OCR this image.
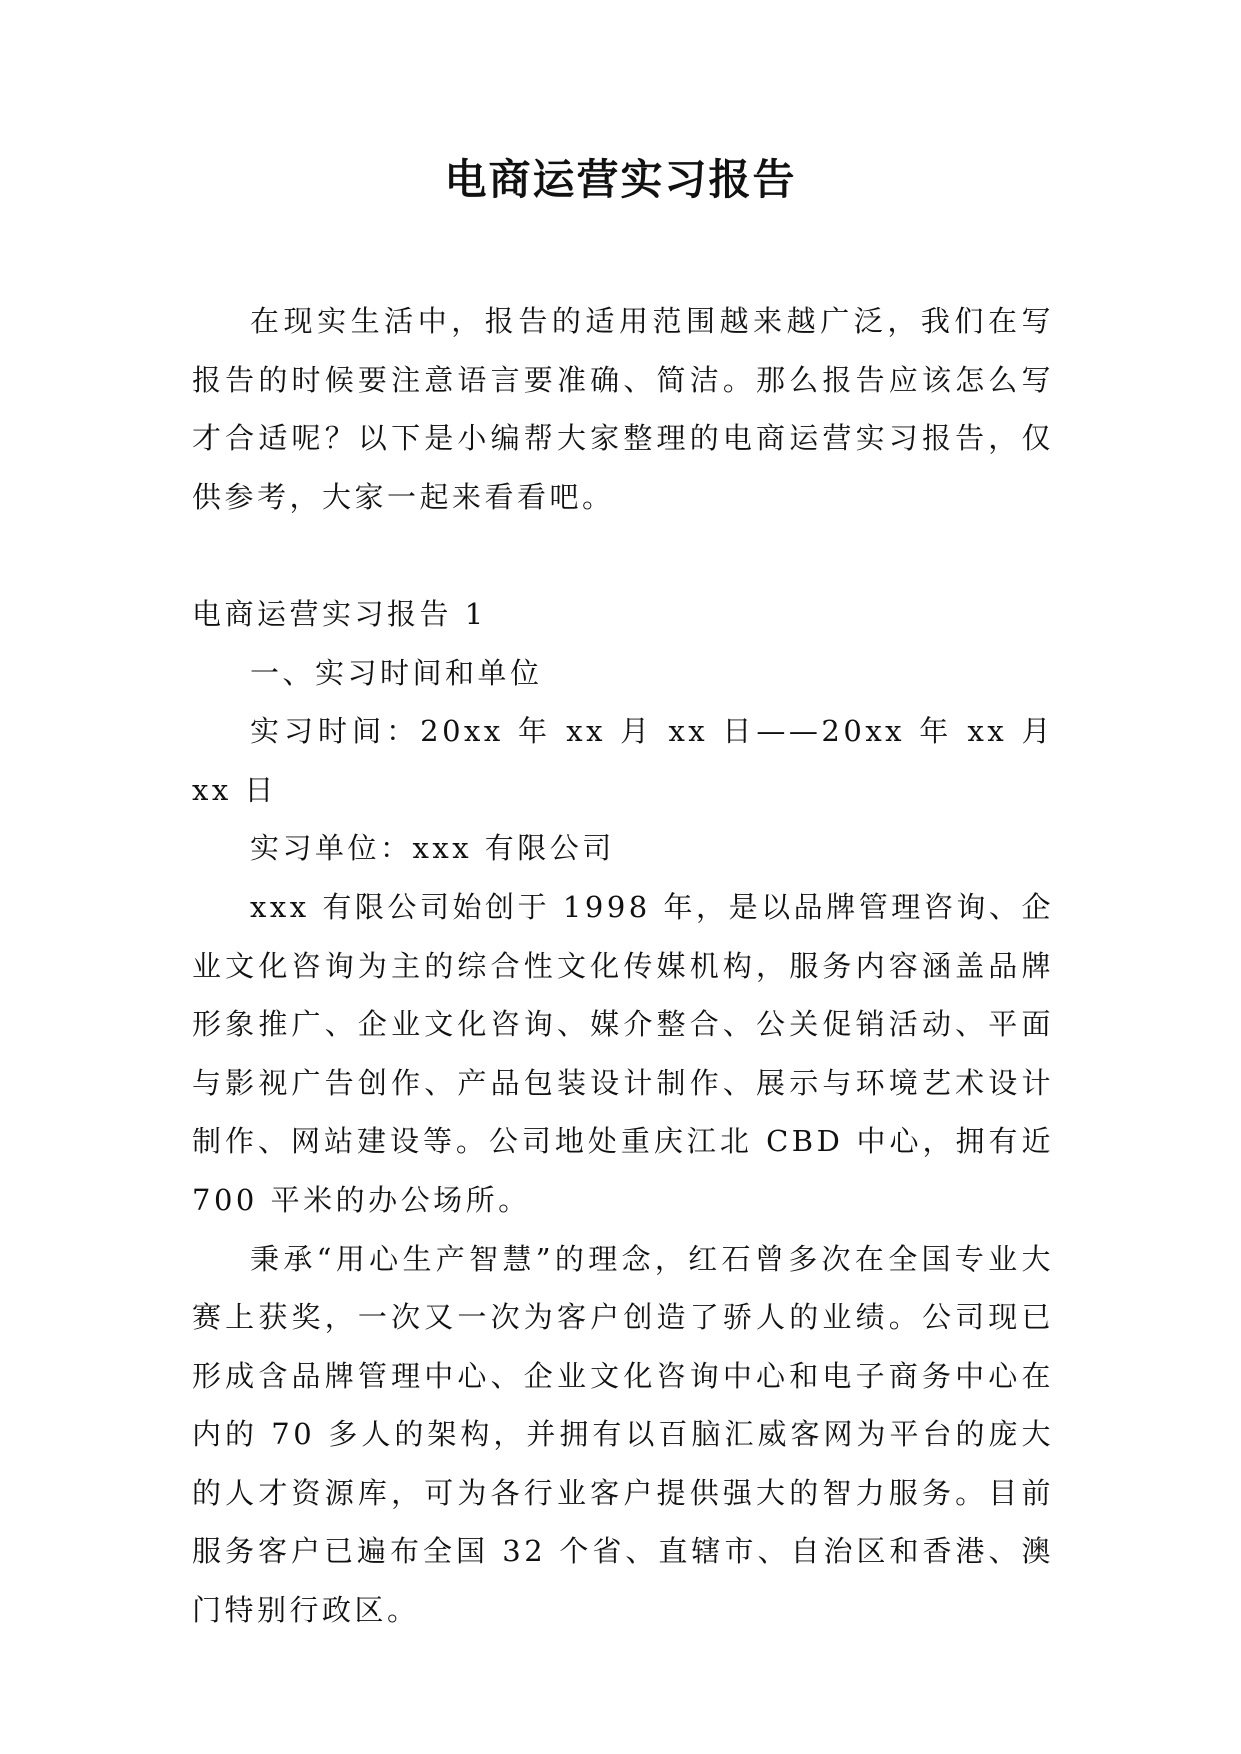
电商运营实习报告

在现实生活中，报告的适用范围越来越广泛，我们在写报告的时候要注意语言要准确、简洁。那么报告应该怎么写才合适呢？以下是小编帮大家整理的电商运营实习报告，仅供参考，大家一起来看看吧。

电商运营实习报告 1

一、实习时间和单位

实习时间：20xx 年 xx 月 xx 日——20xx 年 xx 月 xx 日

实习单位：xxx 有限公司

xxx 有限公司始创于 1998 年，是以品牌管理咨询、企业文化咨询为主的综合性文化传媒机构，服务内容涵盖品牌形象推广、企业文化咨询、媒介整合、公关促销活动、平面与影视广告创作、产品包装设计制作、展示与环境艺术设计制作、网站建设等。公司地处重庆江北 CBD 中心，拥有近 700 平米的办公场所。

秉承“用心生产智慧”的理念，红石曾多次在全国专业大赛上获奖，一次又一次为客户创造了骄人的业绩。公司现已形成含品牌管理中心、企业文化咨询中心和电子商务中心在内的 70 多人的架构，并拥有以百脑汇威客网为平台的庞大的人才资源库，可为各行业客户提供强大的智力服务。目前服务客户已遍布全国 32 个省、直辖市、自治区和香港、澳门特别行政区。
